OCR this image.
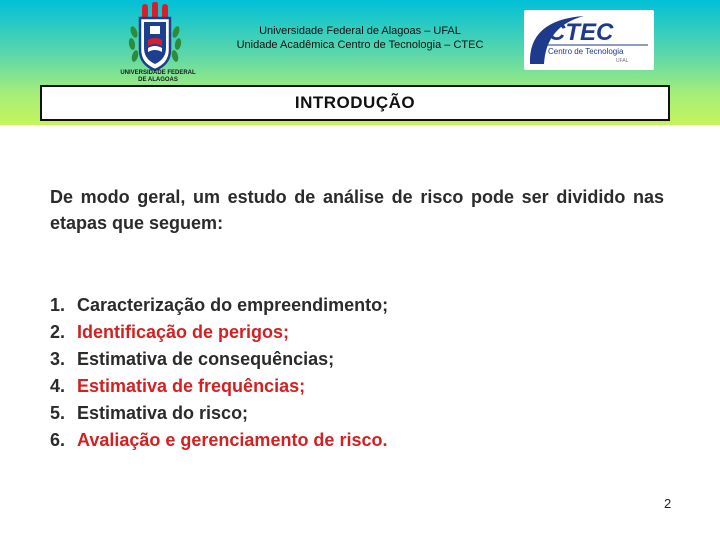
UNIVERSIDADE FEDERAL
DE ALAGOAS
Universidade Federal de Alagoas – UFAL
Unidade Acadêmica Centro de Tecnologia – CTEC	CTEC
Centro de Tecnologia
UFAL
INTRODUÇÃO
De modo geral, um estudo de análise de risco pode ser dividido nas etapas que seguem:
1. Caracterização do empreendimento;
2. Identificação de perigos;
3. Estimativa de consequências;
4. Estimativa de frequências;
5. Estimativa do risco;
6. Avaliação e gerenciamento de risco.
2
